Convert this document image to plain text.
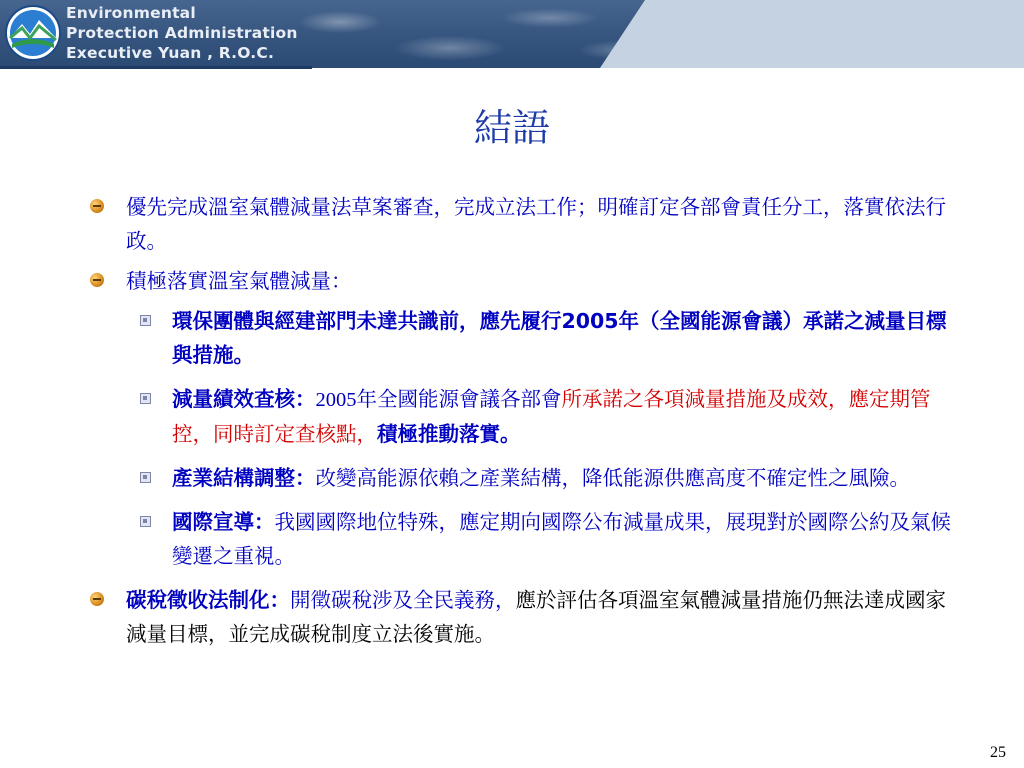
Environmental
Protection Administration
Executive Yuan , R.O.C.
結語
優先完成溫室氣體減量法草案審查，完成立法工作；明確訂定各部會責任分工，落實依法行政。
積極落實溫室氣體減量：
環保團體與經建部門未達共識前，應先履行2005年（全國能源會議）承諾之減量目標與措施。
減量績效查核：2005年全國能源會議各部會所承諾之各項減量措施及成效，應定期管控，同時訂定查核點，積極推動落實。
產業結構調整：改變高能源依賴之產業結構，降低能源供應高度不確定性之風險。
國際宣導：我國國際地位特殊，應定期向國際公布減量成果，展現對於國際公約及氣候變遷之重視。
碳稅徵收法制化：開徵碳稅涉及全民義務，應於評估各項溫室氣體減量措施仍無法達成國家減量目標，並完成碳稅制度立法後實施。
25
